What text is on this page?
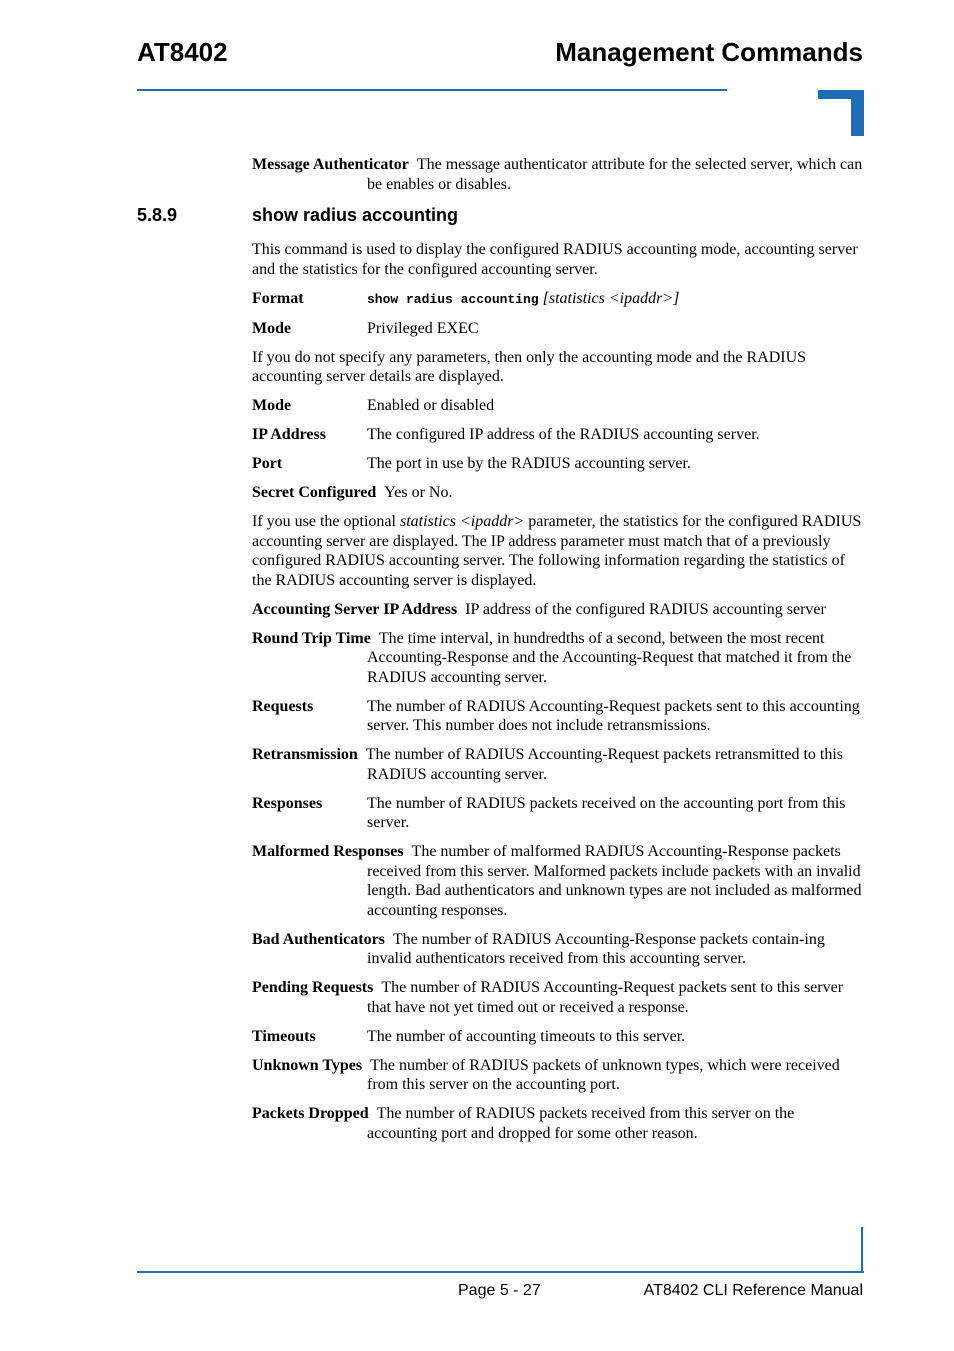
AT8402	Management Commands

Message Authenticator The message authenticator attribute for the selected server, which can be enables or disables.

5.8.9	show radius accounting

This command is used to display the configured RADIUS accounting mode, accounting server and the statistics for the configured accounting server.

Format	show radius accounting [statistics <ipaddr>]

Mode	Privileged EXEC

If you do not specify any parameters, then only the accounting mode and the RADIUS accounting server details are displayed.

Mode	Enabled or disabled

IP Address	The configured IP address of the RADIUS accounting server.

Port	The port in use by the RADIUS accounting server.

Secret Configured Yes or No.

If you use the optional statistics <ipaddr> parameter, the statistics for the configured RADIUS accounting server are displayed. The IP address parameter must match that of a previously configured RADIUS accounting server. The following information regarding the statistics of the RADIUS accounting server is displayed.

Accounting Server IP Address IP address of the configured RADIUS accounting server

Round Trip Time The time interval, in hundredths of a second, between the most recent Accounting-Response and the Accounting-Request that matched it from the RADIUS accounting server.

Requests	The number of RADIUS Accounting-Request packets sent to this accounting server. This number does not include retransmissions.

Retransmission The number of RADIUS Accounting-Request packets retransmitted to this RADIUS accounting server.

Responses	The number of RADIUS packets received on the accounting port from this server.

Malformed Responses The number of malformed RADIUS Accounting-Response packets received from this server. Malformed packets include packets with an invalid length. Bad authenticators and unknown types are not included as malformed accounting responses.

Bad Authenticators The number of RADIUS Accounting-Response packets contain-ing invalid authenticators received from this accounting server.

Pending Requests The number of RADIUS Accounting-Request packets sent to this server that have not yet timed out or received a response.

Timeouts	The number of accounting timeouts to this server.

Unknown Types The number of RADIUS packets of unknown types, which were received from this server on the accounting port.

Packets Dropped The number of RADIUS packets received from this server on the accounting port and dropped for some other reason.

Page 5 - 27	AT8402 CLI Reference Manual
